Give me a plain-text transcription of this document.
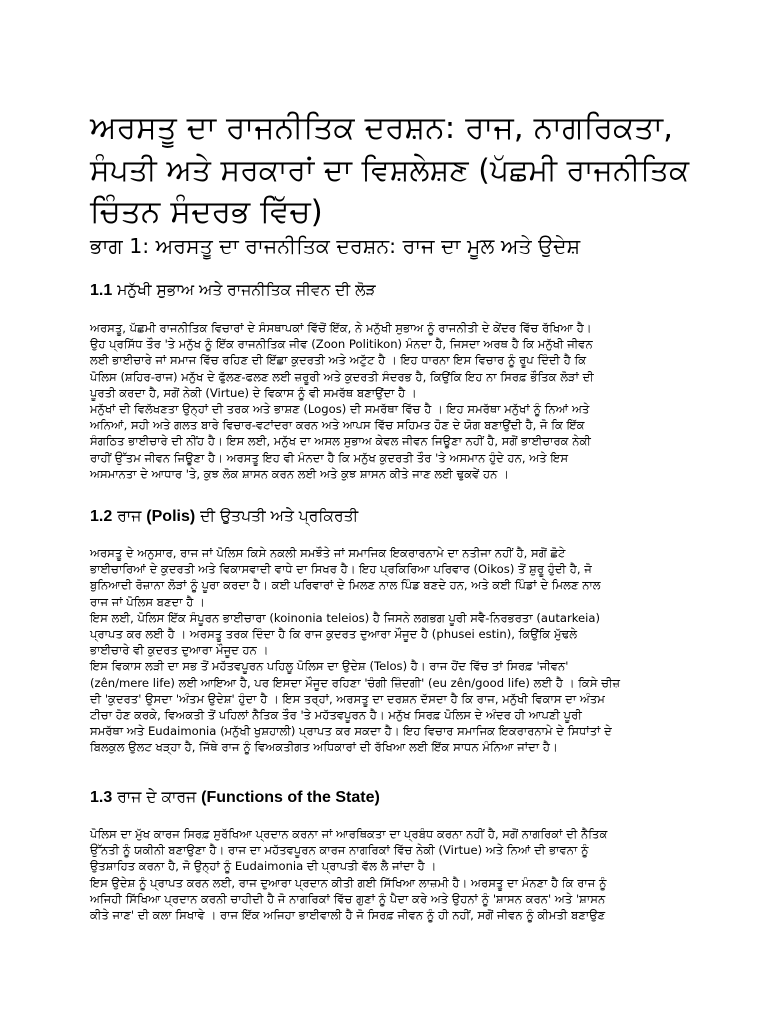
ਅਰਸਤੂ ਦਾ ਰਾਜਨੀਤਿਕ ਦਰਸ਼ਨ: ਰਾਜ, ਨਾਗਰਿਕਤਾ,
ਸੰਪਤੀ ਅਤੇ ਸਰਕਾਰਾਂ ਦਾ ਵਿਸ਼ਲੇਸ਼ਣ (ਪੱਛਮੀ ਰਾਜਨੀਤਿਕ
ਚਿੰਤਨ ਸੰਦਰਭ ਵਿੱਚ)
ਭਾਗ 1: ਅਰਸਤੂ ਦਾ ਰਾਜਨੀਤਿਕ ਦਰਸ਼ਨ: ਰਾਜ ਦਾ ਮੂਲ ਅਤੇ ਉਦੇਸ਼
1.1 ਮਨੁੱਖੀ ਸੁਭਾਅ ਅਤੇ ਰਾਜਨੀਤਿਕ ਜੀਵਨ ਦੀ ਲੋੜ
ਅਰਸਤੂ, ਪੱਛਮੀ ਰਾਜਨੀਤਿਕ ਵਿਚਾਰਾਂ ਦੇ ਸੰਸਥਾਪਕਾਂ ਵਿੱਚੋਂ ਇੱਕ, ਨੇ ਮਨੁੱਖੀ ਸੁਭਾਅ ਨੂੰ ਰਾਜਨੀਤੀ ਦੇ ਕੇਂਦਰ ਵਿੱਚ ਰੱਖਿਆ ਹੈ।
ਉਹ ਪ੍ਰਸਿੱਧ ਤੌਰ 'ਤੇ ਮਨੁੱਖ ਨੂੰ ਇੱਕ ਰਾਜਨੀਤਿਕ ਜੀਵ (Zoon Politikon) ਮੰਨਦਾ ਹੈ, ਜਿਸਦਾ ਅਰਥ ਹੈ ਕਿ ਮਨੁੱਖੀ ਜੀਵਨ
ਲਈ ਭਾਈਚਾਰੇ ਜਾਂ ਸਮਾਜ ਵਿੱਚ ਰਹਿਣ ਦੀ ਇੱਛਾ ਕੁਦਰਤੀ ਅਤੇ ਅਟੁੱਟ ਹੈ । ਇਹ ਧਾਰਨਾ ਇਸ ਵਿਚਾਰ ਨੂੰ ਰੂਪ ਦਿੰਦੀ ਹੈ ਕਿ
ਪੋਲਿਸ (ਸ਼ਹਿਰ-ਰਾਜ) ਮਨੁੱਖ ਦੇ ਫੁੱਲਣ-ਫਲਣ ਲਈ ਜ਼ਰੂਰੀ ਅਤੇ ਕੁਦਰਤੀ ਸੰਦਰਭ ਹੈ, ਕਿਉਂਕਿ ਇਹ ਨਾ ਸਿਰਫ਼ ਭੌਤਿਕ ਲੋੜਾਂ ਦੀ
ਪੂਰਤੀ ਕਰਦਾ ਹੈ, ਸਗੋਂ ਨੇਕੀ (Virtue) ਦੇ ਵਿਕਾਸ ਨੂੰ ਵੀ ਸਮਰੱਥ ਬਣਾਉਂਦਾ ਹੈ ।
ਮਨੁੱਖਾਂ ਦੀ ਵਿਲੱਖਣਤਾ ਉਨ੍ਹਾਂ ਦੀ ਤਰਕ ਅਤੇ ਭਾਸ਼ਣ (Logos) ਦੀ ਸਮਰੱਥਾ ਵਿੱਚ ਹੈ । ਇਹ ਸਮਰੱਥਾ ਮਨੁੱਖਾਂ ਨੂੰ ਨਿਆਂ ਅਤੇ
ਅਨਿਆਂ, ਸਹੀ ਅਤੇ ਗਲਤ ਬਾਰੇ ਵਿਚਾਰ-ਵਟਾਂਦਰਾ ਕਰਨ ਅਤੇ ਆਪਸ ਵਿੱਚ ਸਹਿਮਤ ਹੋਣ ਦੇ ਯੋਗ ਬਣਾਉਂਦੀ ਹੈ, ਜੋ ਕਿ ਇੱਕ
ਸੰਗਠਿਤ ਭਾਈਚਾਰੇ ਦੀ ਨੀਂਹ ਹੈ। ਇਸ ਲਈ, ਮਨੁੱਖ ਦਾ ਅਸਲ ਸੁਭਾਅ ਕੇਵਲ ਜੀਵਨ ਜਿਊਣਾ ਨਹੀਂ ਹੈ, ਸਗੋਂ ਭਾਈਚਾਰਕ ਨੇਕੀ
ਰਾਹੀਂ ਉੱਤਮ ਜੀਵਨ ਜਿਊਣਾ ਹੈ। ਅਰਸਤੂ ਇਹ ਵੀ ਮੰਨਦਾ ਹੈ ਕਿ ਮਨੁੱਖ ਕੁਦਰਤੀ ਤੌਰ 'ਤੇ ਅਸਮਾਨ ਹੁੰਦੇ ਹਨ, ਅਤੇ ਇਸ
ਅਸਮਾਨਤਾ ਦੇ ਆਧਾਰ 'ਤੇ, ਕੁਝ ਲੋਕ ਸ਼ਾਸਨ ਕਰਨ ਲਈ ਅਤੇ ਕੁਝ ਸ਼ਾਸਨ ਕੀਤੇ ਜਾਣ ਲਈ ਢੁਕਵੇਂ ਹਨ ।
1.2 ਰਾਜ (Polis) ਦੀ ਉਤਪਤੀ ਅਤੇ ਪ੍ਰਕਿਰਤੀ
ਅਰਸਤੂ ਦੇ ਅਨੁਸਾਰ, ਰਾਜ ਜਾਂ ਪੋਲਿਸ ਕਿਸੇ ਨਕਲੀ ਸਮਝੌਤੇ ਜਾਂ ਸਮਾਜਿਕ ਇਕਰਾਰਨਾਮੇ ਦਾ ਨਤੀਜਾ ਨਹੀਂ ਹੈ, ਸਗੋਂ ਛੋਟੇ
ਭਾਈਚਾਰਿਆਂ ਦੇ ਕੁਦਰਤੀ ਅਤੇ ਵਿਕਾਸਵਾਦੀ ਵਾਧੇ ਦਾ ਸਿਖਰ ਹੈ। ਇਹ ਪ੍ਰਕਿਰਿਆ ਪਰਿਵਾਰ (Oikos) ਤੋਂ ਸ਼ੁਰੂ ਹੁੰਦੀ ਹੈ, ਜੋ
ਬੁਨਿਆਦੀ ਰੋਜ਼ਾਨਾ ਲੋੜਾਂ ਨੂੰ ਪੂਰਾ ਕਰਦਾ ਹੈ। ਕਈ ਪਰਿਵਾਰਾਂ ਦੇ ਮਿਲਣ ਨਾਲ ਪਿੰਡ ਬਣਦੇ ਹਨ, ਅਤੇ ਕਈ ਪਿੰਡਾਂ ਦੇ ਮਿਲਣ ਨਾਲ
ਰਾਜ ਜਾਂ ਪੋਲਿਸ ਬਣਦਾ ਹੈ ।
ਇਸ ਲਈ, ਪੋਲਿਸ ਇੱਕ ਸੰਪੂਰਨ ਭਾਈਚਾਰਾ (koinonia teleios) ਹੈ ਜਿਸਨੇ ਲਗਭਗ ਪੂਰੀ ਸਵੈ-ਨਿਰਭਰਤਾ (autarkeia)
ਪ੍ਰਾਪਤ ਕਰ ਲਈ ਹੈ । ਅਰਸਤੂ ਤਰਕ ਦਿੰਦਾ ਹੈ ਕਿ ਰਾਜ ਕੁਦਰਤ ਦੁਆਰਾ ਮੌਜੂਦ ਹੈ (phusei estin), ਕਿਉਂਕਿ ਮੁੱਢਲੇ
ਭਾਈਚਾਰੇ ਵੀ ਕੁਦਰਤ ਦੁਆਰਾ ਮੌਜੂਦ ਹਨ ।
ਇਸ ਵਿਕਾਸ ਲੜੀ ਦਾ ਸਭ ਤੋਂ ਮਹੱਤਵਪੂਰਨ ਪਹਿਲੂ ਪੋਲਿਸ ਦਾ ਉਦੇਸ਼ (Telos) ਹੈ। ਰਾਜ ਹੋਂਦ ਵਿੱਚ ਤਾਂ ਸਿਰਫ਼ 'ਜੀਵਨ'
(zên/mere life) ਲਈ ਆਇਆ ਹੈ, ਪਰ ਇਸਦਾ ਮੌਜੂਦ ਰਹਿਣਾ 'ਚੰਗੀ ਜ਼ਿੰਦਗੀ' (eu zên/good life) ਲਈ ਹੈ । ਕਿਸੇ ਚੀਜ਼
ਦੀ 'ਕੁਦਰਤ' ਉਸਦਾ 'ਅੰਤਮ ਉਦੇਸ਼' ਹੁੰਦਾ ਹੈ । ਇਸ ਤਰ੍ਹਾਂ, ਅਰਸਤੂ ਦਾ ਦਰਸ਼ਨ ਦੱਸਦਾ ਹੈ ਕਿ ਰਾਜ, ਮਨੁੱਖੀ ਵਿਕਾਸ ਦਾ ਅੰਤਮ
ਟੀਚਾ ਹੋਣ ਕਰਕੇ, ਵਿਅਕਤੀ ਤੋਂ ਪਹਿਲਾਂ ਨੈਤਿਕ ਤੌਰ 'ਤੇ ਮਹੱਤਵਪੂਰਨ ਹੈ। ਮਨੁੱਖ ਸਿਰਫ਼ ਪੋਲਿਸ ਦੇ ਅੰਦਰ ਹੀ ਆਪਣੀ ਪੂਰੀ
ਸਮਰੱਥਾ ਅਤੇ Eudaimonia (ਮਨੁੱਖੀ ਖੁਸ਼ਹਾਲੀ) ਪ੍ਰਾਪਤ ਕਰ ਸਕਦਾ ਹੈ। ਇਹ ਵਿਚਾਰ ਸਮਾਜਿਕ ਇਕਰਾਰਨਾਮੇ ਦੇ ਸਿਧਾਂਤਾਂ ਦੇ
ਬਿਲਕੁਲ ਉਲਟ ਖੜ੍ਹਾ ਹੈ, ਜਿੱਥੇ ਰਾਜ ਨੂੰ ਵਿਅਕਤੀਗਤ ਅਧਿਕਾਰਾਂ ਦੀ ਰੱਖਿਆ ਲਈ ਇੱਕ ਸਾਧਨ ਮੰਨਿਆ ਜਾਂਦਾ ਹੈ।
1.3 ਰਾਜ ਦੇ ਕਾਰਜ (Functions of the State)
ਪੋਲਿਸ ਦਾ ਮੁੱਖ ਕਾਰਜ ਸਿਰਫ਼ ਸੁਰੱਖਿਆ ਪ੍ਰਦਾਨ ਕਰਨਾ ਜਾਂ ਆਰਥਿਕਤਾ ਦਾ ਪ੍ਰਬੰਧ ਕਰਨਾ ਨਹੀਂ ਹੈ, ਸਗੋਂ ਨਾਗਰਿਕਾਂ ਦੀ ਨੈਤਿਕ
ਉੱਨਤੀ ਨੂੰ ਯਕੀਨੀ ਬਣਾਉਣਾ ਹੈ। ਰਾਜ ਦਾ ਮਹੱਤਵਪੂਰਨ ਕਾਰਜ ਨਾਗਰਿਕਾਂ ਵਿੱਚ ਨੇਕੀ (Virtue) ਅਤੇ ਨਿਆਂ ਦੀ ਭਾਵਨਾ ਨੂੰ
ਉਤਸ਼ਾਹਿਤ ਕਰਨਾ ਹੈ, ਜੋ ਉਨ੍ਹਾਂ ਨੂੰ Eudaimonia ਦੀ ਪ੍ਰਾਪਤੀ ਵੱਲ ਲੈ ਜਾਂਦਾ ਹੈ ।
ਇਸ ਉਦੇਸ਼ ਨੂੰ ਪ੍ਰਾਪਤ ਕਰਨ ਲਈ, ਰਾਜ ਦੁਆਰਾ ਪ੍ਰਦਾਨ ਕੀਤੀ ਗਈ ਸਿੱਖਿਆ ਲਾਜ਼ਮੀ ਹੈ। ਅਰਸਤੂ ਦਾ ਮੰਨਣਾ ਹੈ ਕਿ ਰਾਜ ਨੂੰ
ਅਜਿਹੀ ਸਿੱਖਿਆ ਪ੍ਰਦਾਨ ਕਰਨੀ ਚਾਹੀਦੀ ਹੈ ਜੋ ਨਾਗਰਿਕਾਂ ਵਿੱਚ ਗੁਣਾਂ ਨੂੰ ਪੈਦਾ ਕਰੇ ਅਤੇ ਉਹਨਾਂ ਨੂੰ 'ਸ਼ਾਸਨ ਕਰਨ' ਅਤੇ 'ਸ਼ਾਸਨ
ਕੀਤੇ ਜਾਣ' ਦੀ ਕਲਾ ਸਿਖਾਵੇ । ਰਾਜ ਇੱਕ ਅਜਿਹਾ ਭਾਈਵਾਲੀ ਹੈ ਜੋ ਸਿਰਫ਼ ਜੀਵਨ ਨੂੰ ਹੀ ਨਹੀਂ, ਸਗੋਂ ਜੀਵਨ ਨੂੰ ਕੀਮਤੀ ਬਣਾਉਣ
